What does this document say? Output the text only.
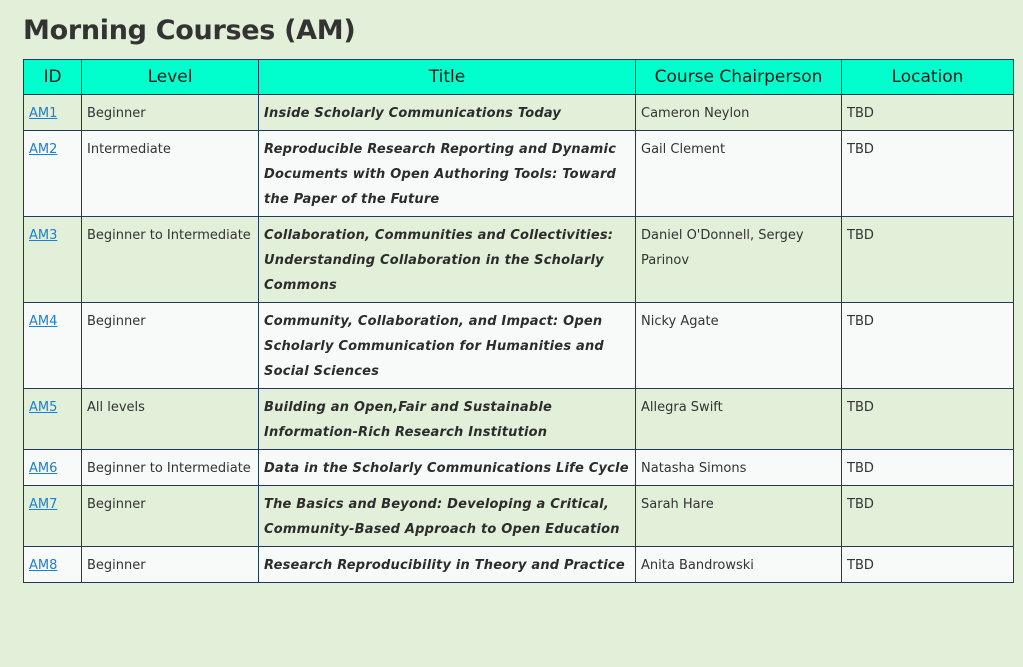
Morning Courses (AM)
ID	Level	Title	Course Chairperson	Location
AM1	Beginner	Inside Scholarly Communications Today	Cameron Neylon	TBD
AM2	Intermediate	Reproducible Research Reporting and Dynamic Documents with Open Authoring Tools: Toward the Paper of the Future	Gail Clement	TBD
AM3	Beginner to Intermediate	Collaboration, Communities and Collectivities: Understanding Collaboration in the Scholarly Commons	Daniel O'Donnell, Sergey Parinov	TBD
AM4	Beginner	Community, Collaboration, and Impact: Open Scholarly Communication for Humanities and Social Sciences	Nicky Agate	TBD
AM5	All levels	Building an Open,Fair and Sustainable Information-Rich Research Institution	Allegra Swift	TBD
AM6	Beginner to Intermediate	Data in the Scholarly Communications Life Cycle	Natasha Simons	TBD
AM7	Beginner	The Basics and Beyond: Developing a Critical, Community-Based Approach to Open Education	Sarah Hare	TBD
AM8	Beginner	Research Reproducibility in Theory and Practice	Anita Bandrowski	TBD
